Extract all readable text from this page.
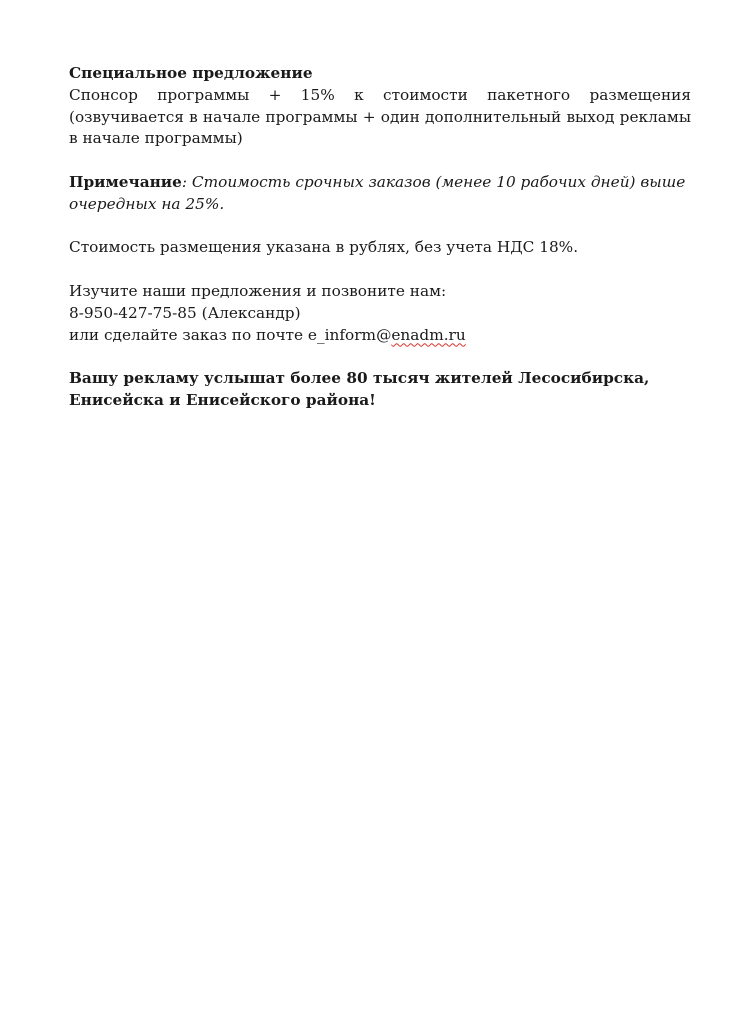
Специальное предложение
Спонсор программы + 15% к стоимости пакетного размещения (озвучивается в начале программы + один дополнительный выход рекламы в начале программы)
Примечание: Стоимость срочных заказов (менее 10 рабочих дней) выше очередных на 25%.
Стоимость размещения указана в рублях, без учета НДС 18%.
Изучите наши предложения и позвоните нам:
8-950-427-75-85 (Александр)
или сделайте заказ по почте e_inform@enadm.ru
Вашу рекламу услышат более 80 тысяч жителей Лесосибирска,
Енисейска и Енисейского района!
